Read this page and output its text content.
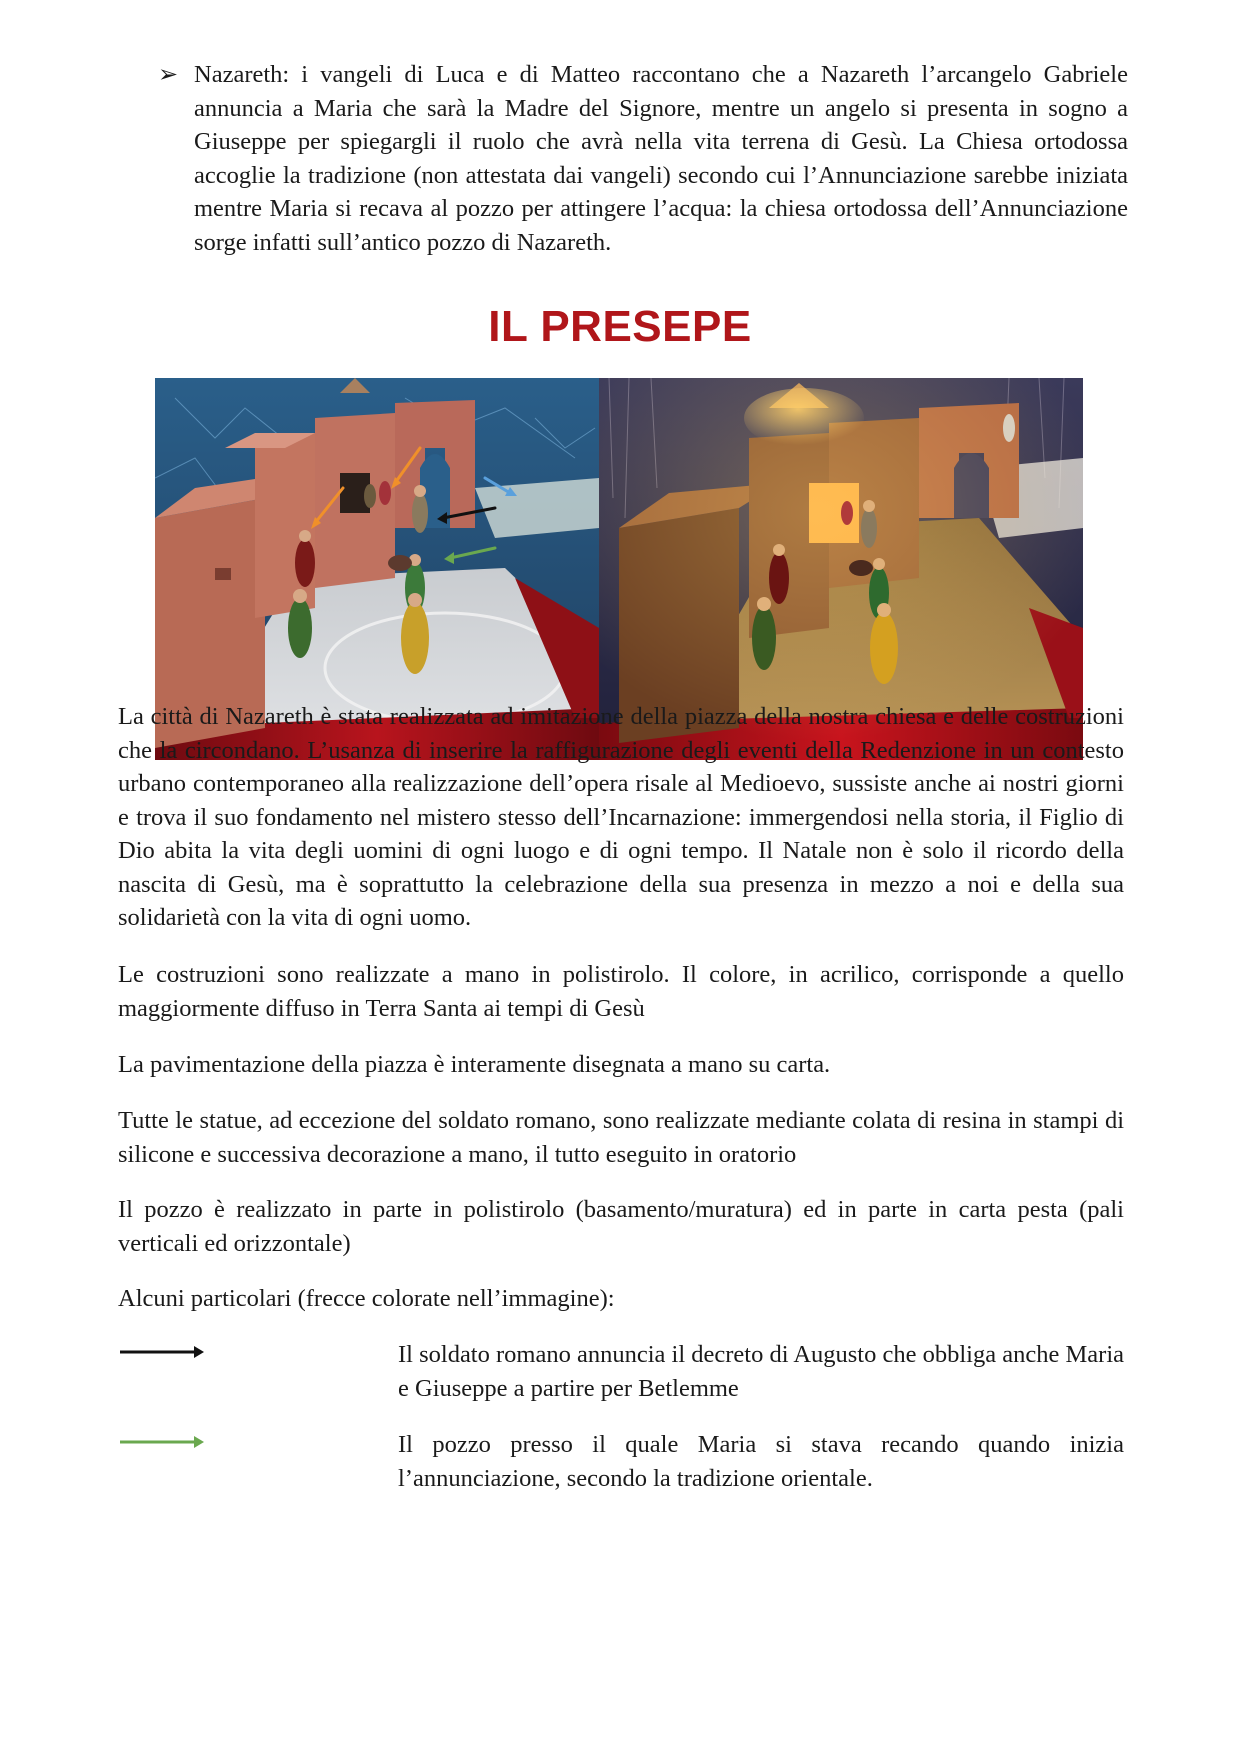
➢ Nazareth: i vangeli di Luca e di Matteo raccontano che a Nazareth l’arcangelo Gabriele annuncia a Maria che sarà la Madre del Signore, mentre un angelo si presenta in sogno a Giuseppe per spiegargli il ruolo che avrà nella vita terrena di Gesù. La Chiesa ortodossa accoglie la tradizione (non attestata dai vangeli) secondo cui l’Annunciazione sarebbe iniziata mentre Maria si recava al pozzo per attingere l’acqua: la chiesa ortodossa dell’Annunciazione sorge infatti sull’antico pozzo di Nazareth.
IL PRESEPE

La città di Nazareth è stata realizzata ad imitazione della piazza della nostra chiesa e delle costruzioni che la circondano. L’usanza di inserire la raffigurazione degli eventi della Redenzione in un contesto urbano contemporaneo alla realizzazione dell’opera risale al Medioevo, sussiste anche ai nostri giorni e trova il suo fondamento nel mistero stesso dell’Incarnazione: immergendosi nella storia, il Figlio di Dio abita la vita degli uomini di ogni luogo e di ogni tempo. Il Natale non è solo il ricordo della nascita di Gesù, ma è soprattutto la celebrazione della sua presenza in mezzo a noi e della sua solidarietà con la vita di ogni uomo.

Le costruzioni sono realizzate a mano in polistirolo. Il colore, in acrilico, corrisponde a quello maggiormente diffuso in Terra Santa ai tempi di Gesù

La pavimentazione della piazza è interamente disegnata a mano su carta.

Tutte le statue, ad eccezione del soldato romano, sono realizzate mediante colata di resina in stampi di silicone e successiva decorazione a mano, il tutto eseguito in oratorio

Il pozzo è realizzato in parte in polistirolo (basamento/muratura) ed in parte in carta pesta (pali verticali ed orizzontale)

Alcuni particolari (frecce colorate nell’immagine):

Il soldato romano annuncia il decreto di Augusto che obbliga anche Maria e Giuseppe a partire per Betlemme
Il pozzo presso il quale Maria si stava recando quando inizia l’annunciazione, secondo la tradizione orientale.
